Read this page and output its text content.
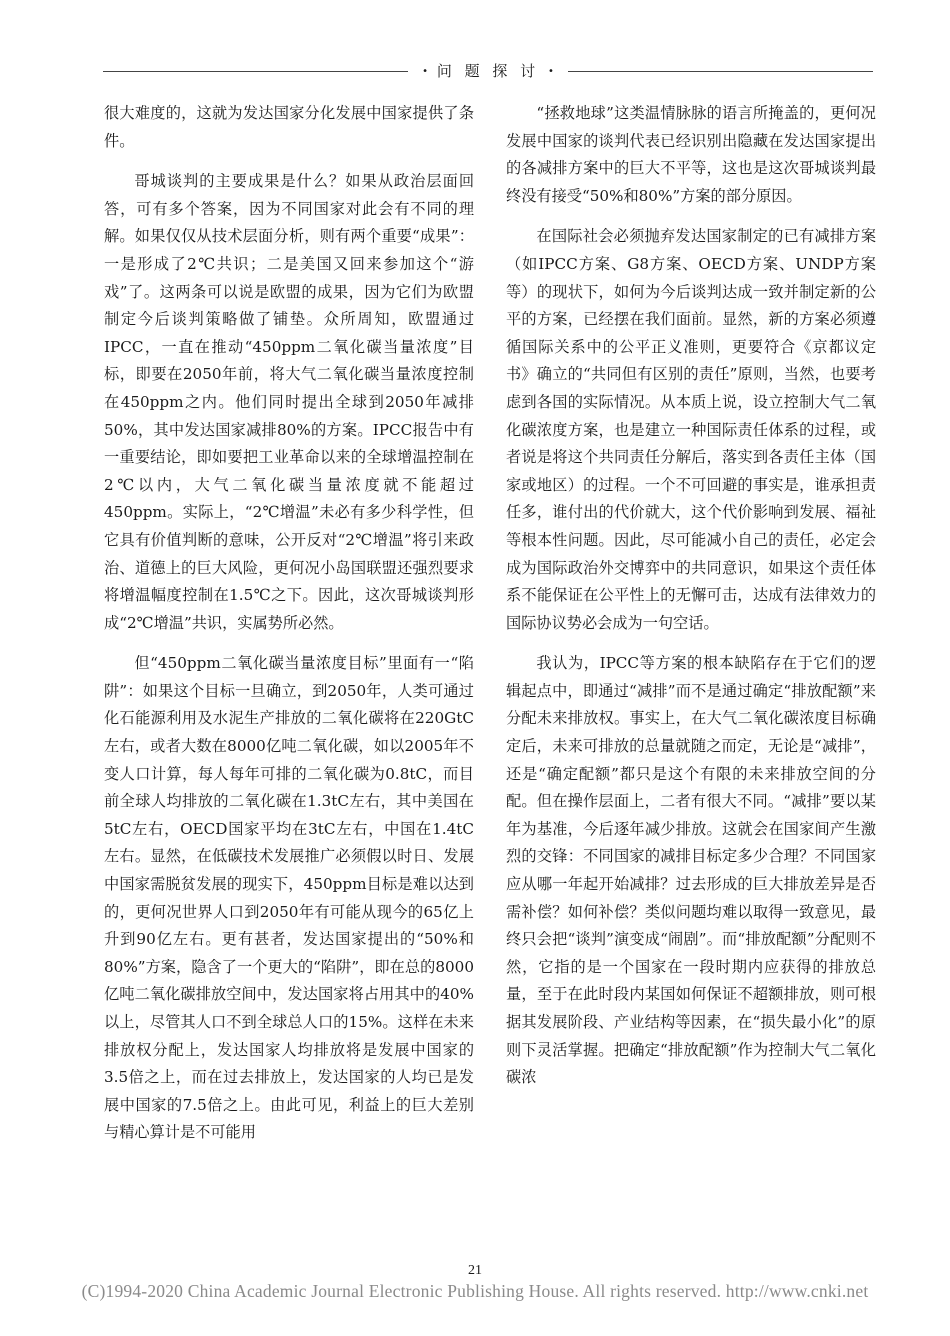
• 问 题 探 讨 •

很大难度的，这就为发达国家分化发展中国家提供了条件。

哥城谈判的主要成果是什么？如果从政治层面回答，可有多个答案，因为不同国家对此会有不同的理解。如果仅仅从技术层面分析，则有两个重要“成果”：一是形成了2℃共识；二是美国又回来参加这个“游戏”了。这两条可以说是欧盟的成果，因为它们为欧盟制定今后谈判策略做了铺垫。众所周知，欧盟通过IPCC，一直在推动“450ppm二氧化碳当量浓度”目标，即要在2050年前，将大气二氧化碳当量浓度控制在450ppm之内。他们同时提出全球到2050年减排50%，其中发达国家减排80%的方案。IPCC报告中有一重要结论，即如要把工业革命以来的全球增温控制在2℃以内，大气二氧化碳当量浓度就不能超过450ppm。实际上，“2℃增温”未必有多少科学性，但它具有价值判断的意味，公开反对“2℃增温”将引来政治、道德上的巨大风险，更何况小岛国联盟还强烈要求将增温幅度控制在1.5℃之下。因此，这次哥城谈判形成“2℃增温”共识，实属势所必然。

但“450ppm二氧化碳当量浓度目标”里面有一“陷阱”：如果这个目标一旦确立，到2050年，人类可通过化石能源利用及水泥生产排放的二氧化碳将在220GtC左右，或者大数在8000亿吨二氧化碳，如以2005年不变人口计算，每人每年可排的二氧化碳为0.8tC，而目前全球人均排放的二氧化碳在1.3tC左右，其中美国在5tC左右，OECD国家平均在3tC左右，中国在1.4tC左右。显然，在低碳技术发展推广必须假以时日、发展中国家需脱贫发展的现实下，450ppm目标是难以达到的，更何况世界人口到2050年有可能从现今的65亿上升到90亿左右。更有甚者，发达国家提出的“50%和80%”方案，隐含了一个更大的“陷阱”，即在总的8000亿吨二氧化碳排放空间中，发达国家将占用其中的40%以上，尽管其人口不到全球总人口的15%。这样在未来排放权分配上，发达国家人均排放将是发展中国家的3.5倍之上，而在过去排放上，发达国家的人均已是发展中国家的7.5倍之上。由此可见，利益上的巨大差别与精心算计是不可能用

“拯救地球”这类温情脉脉的语言所掩盖的，更何况发展中国家的谈判代表已经识别出隐藏在发达国家提出的各减排方案中的巨大不平等，这也是这次哥城谈判最终没有接受“50%和80%”方案的部分原因。

在国际社会必须抛弃发达国家制定的已有减排方案（如IPCC方案、G8方案、OECD方案、UNDP方案等）的现状下，如何为今后谈判达成一致并制定新的公平的方案，已经摆在我们面前。显然，新的方案必须遵循国际关系中的公平正义准则，更要符合《京都议定书》确立的“共同但有区别的责任”原则，当然，也要考虑到各国的实际情况。从本质上说，设立控制大气二氧化碳浓度方案，也是建立一种国际责任体系的过程，或者说是将这个共同责任分解后，落实到各责任主体（国家或地区）的过程。一个不可回避的事实是，谁承担责任多，谁付出的代价就大，这个代价影响到发展、福祉等根本性问题。因此，尽可能减小自己的责任，必定会成为国际政治外交博弈中的共同意识，如果这个责任体系不能保证在公平性上的无懈可击，达成有法律效力的国际协议势必会成为一句空话。

我认为，IPCC等方案的根本缺陷存在于它们的逻辑起点中，即通过“减排”而不是通过确定“排放配额”来分配未来排放权。事实上，在大气二氧化碳浓度目标确定后，未来可排放的总量就随之而定，无论是“减排”，还是“确定配额”都只是这个有限的未来排放空间的分配。但在操作层面上，二者有很大不同。“减排”要以某年为基准，今后逐年减少排放。这就会在国家间产生激烈的交锋：不同国家的减排目标定多少合理？不同国家应从哪一年起开始减排？过去形成的巨大排放差异是否需补偿？如何补偿？类似问题均难以取得一致意见，最终只会把“谈判”演变成“闹剧”。而“排放配额”分配则不然，它指的是一个国家在一段时期内应获得的排放总量，至于在此时段内某国如何保证不超额排放，则可根据其发展阶段、产业结构等因素，在“损失最小化”的原则下灵活掌握。把确定“排放配额”作为控制大气二氧化碳浓

21
(C)1994-2020 China Academic Journal Electronic Publishing House. All rights reserved. http://www.cnki.net
